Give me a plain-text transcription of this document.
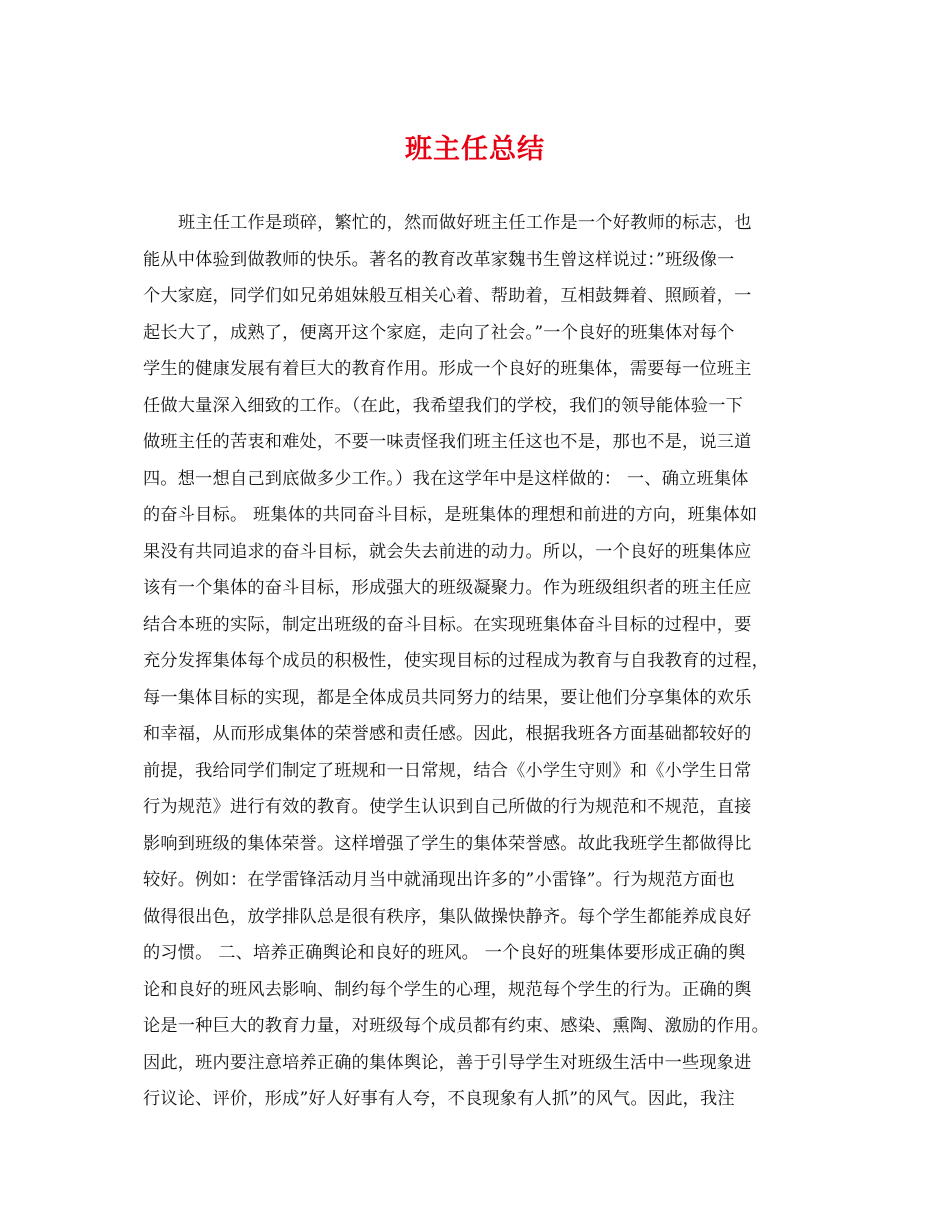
班主任总结
班主任工作是琐碎，繁忙的，然而做好班主任工作是一个好教师的标志，也
能从中体验到做教师的快乐。著名的教育改革家魏书生曾这样说过：”班级像一
个大家庭，同学们如兄弟姐妹般互相关心着、帮助着，互相鼓舞着、照顾着，一
起长大了，成熟了，便离开这个家庭，走向了社会。”一个良好的班集体对每个
学生的健康发展有着巨大的教育作用。形成一个良好的班集体，需要每一位班主
任做大量深入细致的工作。（在此，我希望我们的学校，我们的领导能体验一下
做班主任的苦衷和难处，不要一味责怪我们班主任这也不是，那也不是，说三道
四。想一想自己到底做多少工作。）我在这学年中是这样做的： 一、确立班集体
的奋斗目标。 班集体的共同奋斗目标，是班集体的理想和前进的方向，班集体如
果没有共同追求的奋斗目标，就会失去前进的动力。所以，一个良好的班集体应
该有一个集体的奋斗目标，形成强大的班级凝聚力。作为班级组织者的班主任应
结合本班的实际，制定出班级的奋斗目标。在实现班集体奋斗目标的过程中，要
充分发挥集体每个成员的积极性，使实现目标的过程成为教育与自我教育的过程，
每一集体目标的实现，都是全体成员共同努力的结果，要让他们分享集体的欢乐
和幸福，从而形成集体的荣誉感和责任感。因此，根据我班各方面基础都较好的
前提，我给同学们制定了班规和一日常规，结合《小学生守则》和《小学生日常
行为规范》进行有效的教育。使学生认识到自己所做的行为规范和不规范，直接
影响到班级的集体荣誉。这样增强了学生的集体荣誉感。故此我班学生都做得比
较好。例如：在学雷锋活动月当中就涌现出许多的”小雷锋”。行为规范方面也
做得很出色，放学排队总是很有秩序，集队做操快静齐。每个学生都能养成良好
的习惯。 二、培养正确舆论和良好的班风。 一个良好的班集体要形成正确的舆
论和良好的班风去影响、制约每个学生的心理，规范每个学生的行为。正确的舆
论是一种巨大的教育力量，对班级每个成员都有约束、感染、熏陶、激励的作用。
因此，班内要注意培养正确的集体舆论，善于引导学生对班级生活中一些现象进
行议论、评价，形成”好人好事有人夸，不良现象有人抓”的风气。因此，我注
